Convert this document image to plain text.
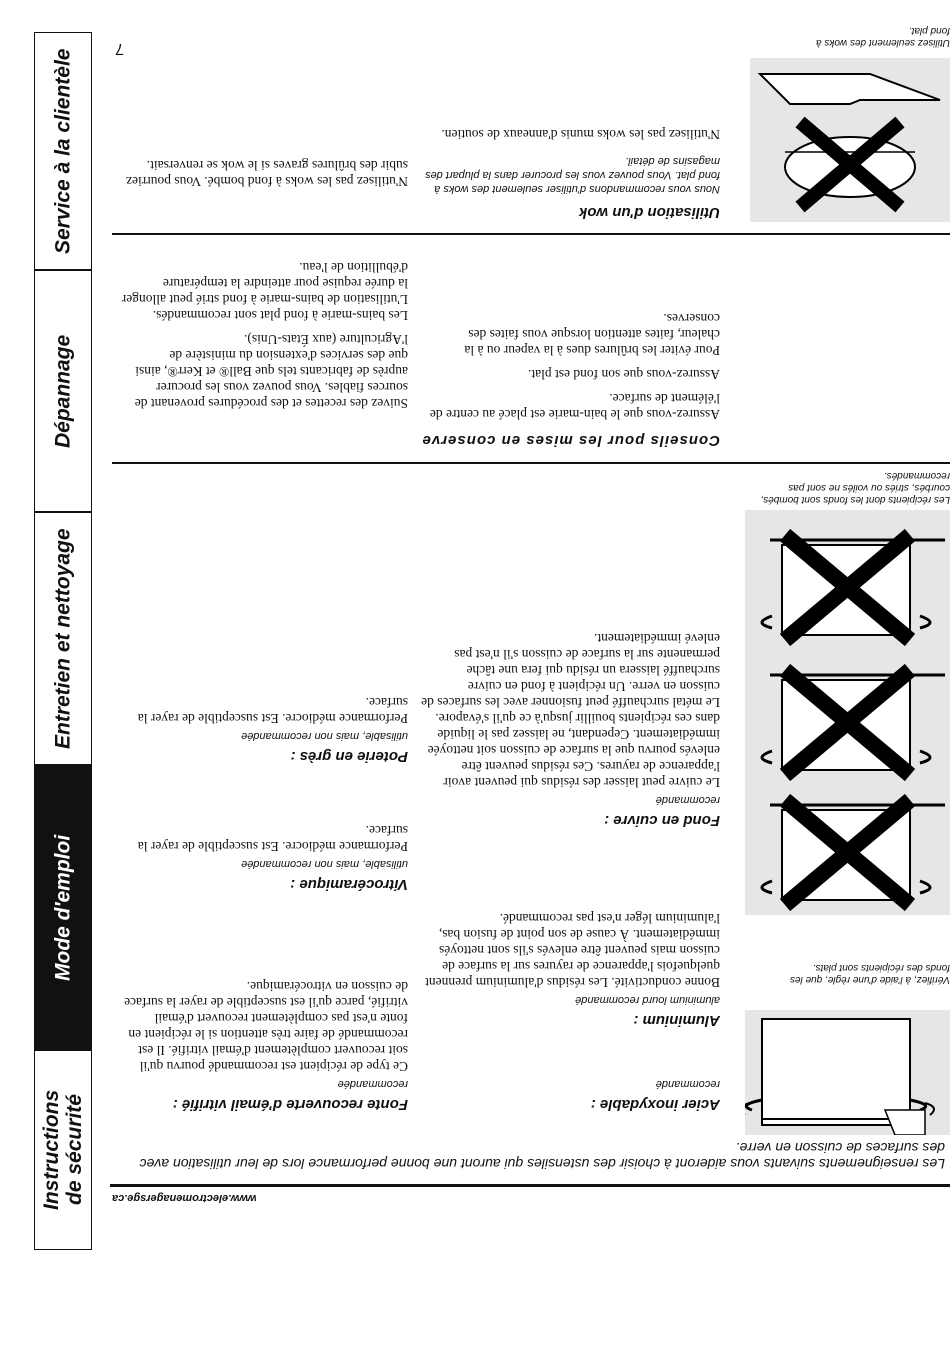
Instructions
de sécurité
Mode d'emploi
Entretien et nettoyage
Dépannage
Service à la clientèle
www.electromenagersge.ca
Les renseignements suivants vous aideront à choisir des ustensiles qui auront une bonne performance lors de leur utilisation avec des surfaces de cuisson en verre.
Vérifiez, à l'aide d'une règle, que les fonds des récipients sont plats.
Les récipients dont les fonds sont bombés, courbés, striés ou voilés ne sont pas recommandés.
Utilisez seulement des woks à fond plat.
Acier inoxydable :
recommandé
Aluminium :
aluminium lourd recommandé

Bonne conductivité. Les résidus d'aluminium prennent quelquefois l'apparence de rayures sur la surface de cuisson mais peuvent être enlevés s'ils sont nettoyés immédiatement. À cause de son point de fusion bas, l'aluminium léger n'est pas recommandé.

Fond en cuivre :
recommandé

Le cuivre peut laisser des résidus qui peuvent avoir l'apparence de rayures. Ces résidus peuvent être enlevés pourvu que la surface de cuisson soit nettoyée immédiatement. Cependant, ne laissez pas le liquide dans ces récipients bouillir jusqu'à ce qu'il s'évapore. Le métal surchauffé peut fusionner avec les surfaces de cuisson en verre. Un récipient à fond en cuivre surchauffé laissera un résidu qui fera une tâche permanente sur la surface de cuisson s'il n'est pas enlevé immédiatement.

Fonte recouverte d'émail vitrifié :
recommandée

Ce type de récipient est recommandé pourvu qu'il soit recouvert complètement d'émail vitrifié. Il est recommandé de faire très attention si le récipient en fonte n'est pas complètement recouvert d'émail vitrifié, parce qu'il est susceptible de rayer la surface de cuisson en vitrocéramique.

Vitrocéramique :
utilisable, mais non recommandée

Performance médiocre. Est susceptible de rayer la surface.

Poterie en grès :
utilisable, mais non recommandée

Performance médiocre. Est susceptible de rayer la surface.

Conseils pour les mises en conserve

Assurez-vous que le bain-marie est placé au centre de l'élément de surface.

Assurez-vous que son fond est plat.

Pour éviter les brûlures dues à la vapeur ou à la chaleur, faites attention lorsque vous faites des conserves.

Suivez des recettes et des procédures provenant de sources fiables. Vous pouvez vous les procurer auprès de fabricants tels que Ball® et Kerr®, ainsi que des services d'extension du ministère de l'Agriculture (aux États-Unis).

Les bains-marie à fond plat sont recommandés. L'utilisation de bains-marie à fond strié peut allonger la durée requise pour atteindre la température d'ébullition de l'eau.

Utilisation d'un wok
Nous vous recommandons d'utiliser seulement des woks à fond plat. Vous pouvez vous les procurer dans la plupart des magasins de détail.

N'utilisez pas les woks munis d'anneaux de soutien.

N'utilisez pas les woks à fond bombé. Vous pourriez subir des brûlures graves si le wok se renversait.

7
